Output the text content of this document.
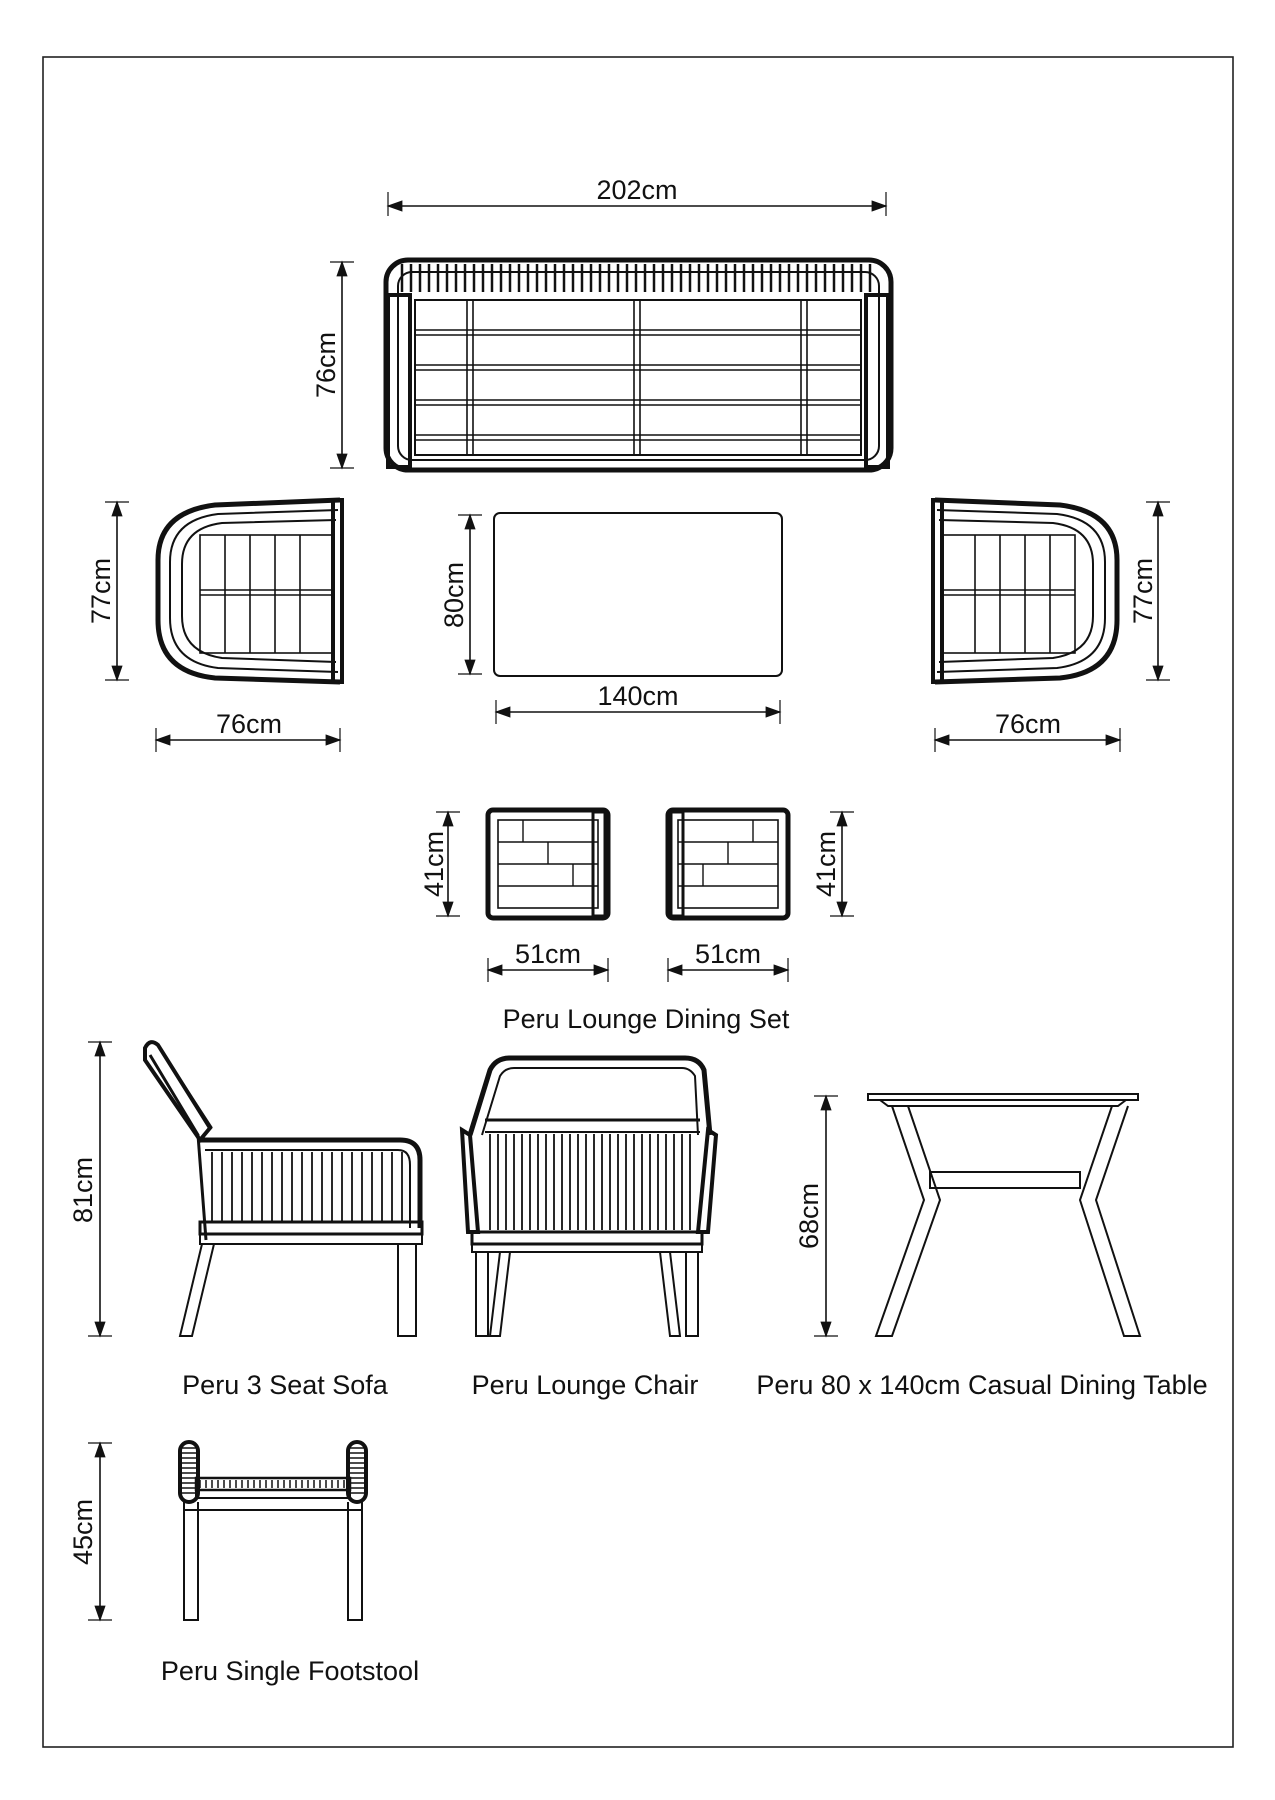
202cm
76cm
77cm
76cm
80cm
140cm
77cm
76cm
41cm
51cm
41cm
51cm
Peru Lounge Dining Set
81cm
Peru 3 Seat Sofa	Peru Lounge Chair
68cm
Peru 80 x 140cm Casual Dining Table
45cm
Peru Single Footstool
